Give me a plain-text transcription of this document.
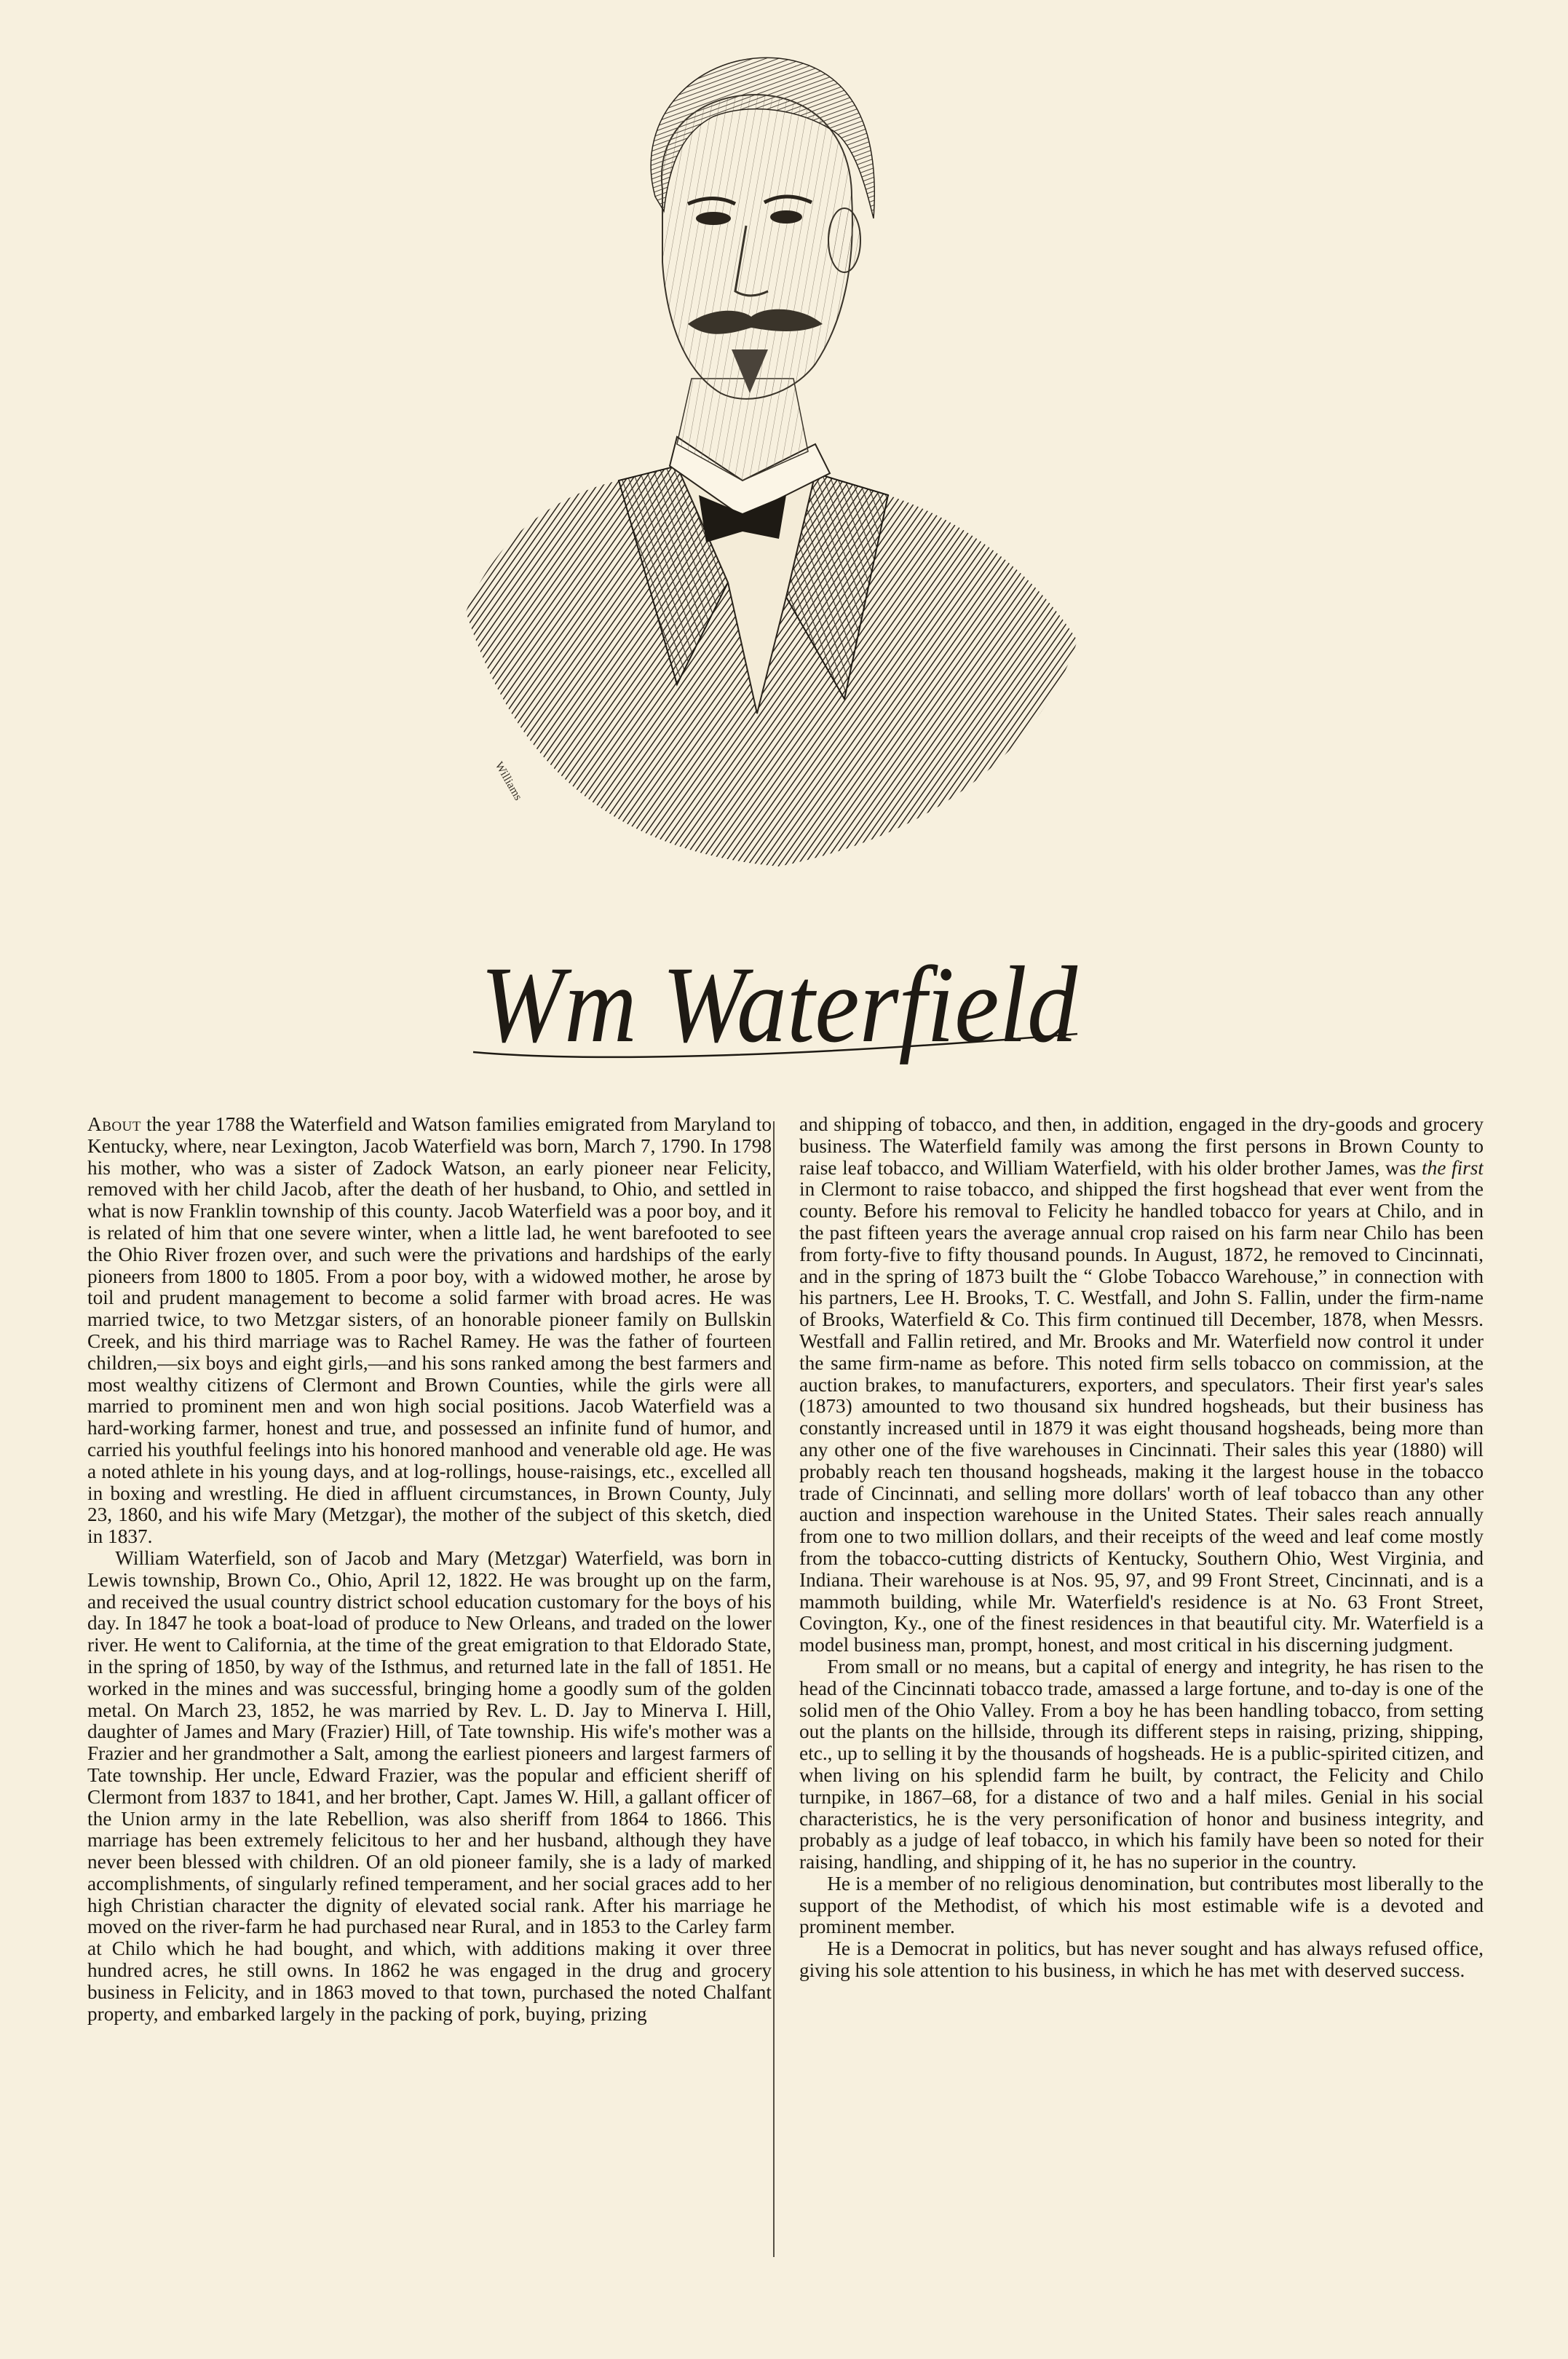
Williams
Wm Waterfield

About the year 1788 the Waterfield and Watson families emigrated from Maryland to Kentucky, where, near Lexington, Jacob Waterfield was born, March 7, 1790. In 1798 his mother, who was a sister of Zadock Watson, an early pioneer near Felicity, removed with her child Jacob, after the death of her husband, to Ohio, and settled in what is now Franklin township of this county. Jacob Waterfield was a poor boy, and it is related of him that one severe winter, when a little lad, he went barefooted to see the Ohio River frozen over, and such were the privations and hardships of the early pioneers from 1800 to 1805. From a poor boy, with a widowed mother, he arose by toil and prudent management to become a solid farmer with broad acres. He was married twice, to two Metzgar sisters, of an honorable pioneer family on Bullskin Creek, and his third marriage was to Rachel Ramey. He was the father of fourteen children,—six boys and eight girls,—and his sons ranked among the best farmers and most wealthy citizens of Clermont and Brown Counties, while the girls were all married to prominent men and won high social positions. Jacob Waterfield was a hard-working farmer, honest and true, and possessed an infinite fund of humor, and carried his youthful feelings into his honored manhood and venerable old age. He was a noted athlete in his young days, and at log-rollings, house-raisings, etc., excelled all in boxing and wrestling. He died in affluent circumstances, in Brown County, July 23, 1860, and his wife Mary (Metzgar), the mother of the subject of this sketch, died in 1837.

William Waterfield, son of Jacob and Mary (Metzgar) Waterfield, was born in Lewis township, Brown Co., Ohio, April 12, 1822. He was brought up on the farm, and received the usual country district school education customary for the boys of his day. In 1847 he took a boat-load of produce to New Orleans, and traded on the lower river. He went to California, at the time of the great emigration to that Eldorado State, in the spring of 1850, by way of the Isthmus, and returned late in the fall of 1851. He worked in the mines and was successful, bringing home a goodly sum of the golden metal. On March 23, 1852, he was married by Rev. L. D. Jay to Minerva I. Hill, daughter of James and Mary (Frazier) Hill, of Tate township. His wife's mother was a Frazier and her grandmother a Salt, among the earliest pioneers and largest farmers of Tate township. Her uncle, Edward Frazier, was the popular and efficient sheriff of Clermont from 1837 to 1841, and her brother, Capt. James W. Hill, a gallant officer of the Union army in the late Rebellion, was also sheriff from 1864 to 1866. This marriage has been extremely felicitous to her and her husband, although they have never been blessed with children. Of an old pioneer family, she is a lady of marked accomplishments, of singularly refined temperament, and her social graces add to her high Christian character the dignity of elevated social rank. After his marriage he moved on the river-farm he had purchased near Rural, and in 1853 to the Carley farm at Chilo which he had bought, and which, with additions making it over three hundred acres, he still owns. In 1862 he was engaged in the drug and grocery business in Felicity, and in 1863 moved to that town, purchased the noted Chalfant property, and embarked largely in the packing of pork, buying, prizing

and shipping of tobacco, and then, in addition, engaged in the dry-goods and grocery business. The Waterfield family was among the first persons in Brown County to raise leaf tobacco, and William Waterfield, with his older brother James, was the first in Clermont to raise tobacco, and shipped the first hogshead that ever went from the county. Before his removal to Felicity he handled tobacco for years at Chilo, and in the past fifteen years the average annual crop raised on his farm near Chilo has been from forty-five to fifty thousand pounds. In August, 1872, he removed to Cincinnati, and in the spring of 1873 built the “ Globe Tobacco Warehouse,” in connection with his partners, Lee H. Brooks, T. C. Westfall, and John S. Fallin, under the firm-name of Brooks, Waterfield & Co. This firm continued till December, 1878, when Messrs. Westfall and Fallin retired, and Mr. Brooks and Mr. Waterfield now control it under the same firm-name as before. This noted firm sells tobacco on commission, at the auction brakes, to manufacturers, exporters, and speculators. Their first year's sales (1873) amounted to two thousand six hundred hogsheads, but their business has constantly increased until in 1879 it was eight thousand hogsheads, being more than any other one of the five warehouses in Cincinnati. Their sales this year (1880) will probably reach ten thousand hogsheads, making it the largest house in the tobacco trade of Cincinnati, and selling more dollars' worth of leaf tobacco than any other auction and inspection warehouse in the United States. Their sales reach annually from one to two million dollars, and their receipts of the weed and leaf come mostly from the tobacco-cutting districts of Kentucky, Southern Ohio, West Virginia, and Indiana. Their warehouse is at Nos. 95, 97, and 99 Front Street, Cincinnati, and is a mammoth building, while Mr. Waterfield's residence is at No. 63 Front Street, Covington, Ky., one of the finest residences in that beautiful city. Mr. Waterfield is a model business man, prompt, honest, and most critical in his discerning judgment.

From small or no means, but a capital of energy and integrity, he has risen to the head of the Cincinnati tobacco trade, amassed a large fortune, and to-day is one of the solid men of the Ohio Valley. From a boy he has been handling tobacco, from setting out the plants on the hillside, through its different steps in raising, prizing, shipping, etc., up to selling it by the thousands of hogsheads. He is a public-spirited citizen, and when living on his splendid farm he built, by contract, the Felicity and Chilo turnpike, in 1867–68, for a distance of two and a half miles. Genial in his social characteristics, he is the very personification of honor and business integrity, and probably as a judge of leaf tobacco, in which his family have been so noted for their raising, handling, and shipping of it, he has no superior in the country.

He is a member of no religious denomination, but contributes most liberally to the support of the Methodist, of which his most estimable wife is a devoted and prominent member.

He is a Democrat in politics, but has never sought and has always refused office, giving his sole attention to his business, in which he has met with deserved success.
